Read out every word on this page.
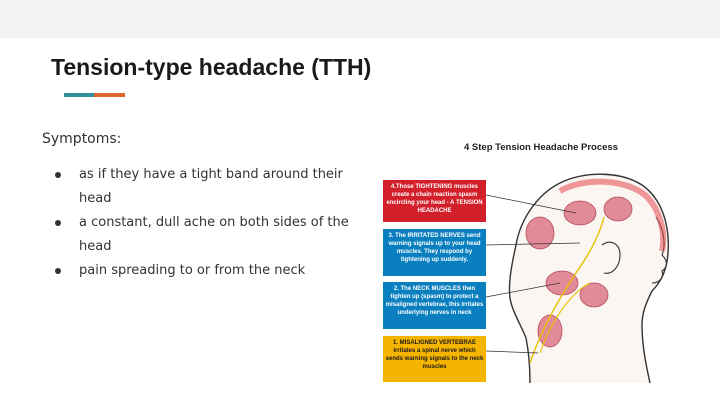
Tension-type headache (TTH)
Symptoms:
as if they have a tight band around their head
a constant, dull ache on both sides of the head
pain spreading to or from the neck
4 Step Tension Headache Process
4.Those TIGHTENING muscles create a chain reaction spasm encircling your head - A TENSION HEADACHE
3. The IRRITATED NERVES send warning signals up to your head muscles. They respond by tightening up suddenly.
2. The NECK MUSCLES then tighten up (spasm) to protect a misaligned vertebrae, this irritates underlying nerves in neck
1. MISALIGNED VERTEBRAE irritates a spinal nerve which sends warning signals to the neck muscles
